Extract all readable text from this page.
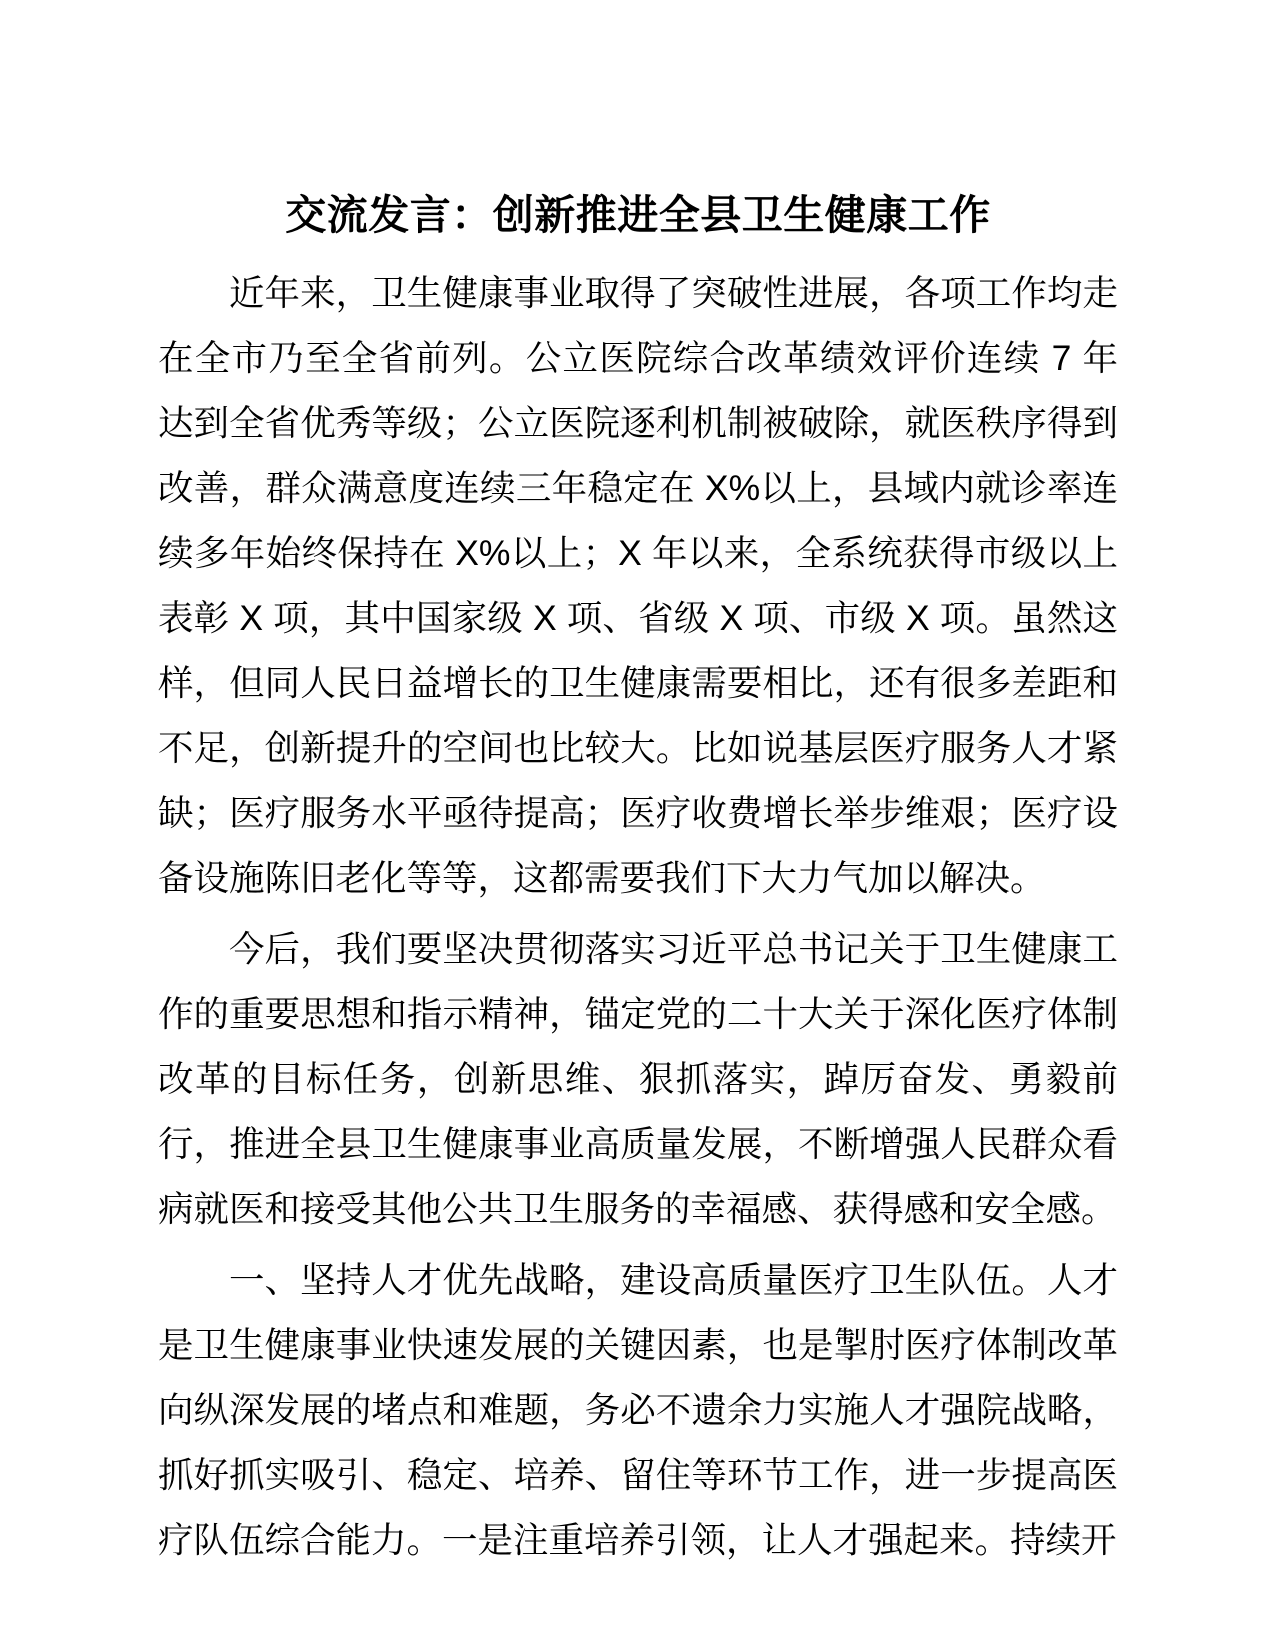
交流发言：创新推进全县卫生健康工作

近年来，卫生健康事业取得了突破性进展，各项工作均走在全市乃至全省前列。公立医院综合改革绩效评价连续 7 年达到全省优秀等级；公立医院逐利机制被破除，就医秩序得到改善，群众满意度连续三年稳定在 X%以上，县域内就诊率连续多年始终保持在 X%以上；X 年以来，全系统获得市级以上表彰 X 项，其中国家级 X 项、省级 X 项、市级 X 项。虽然这样，但同人民日益增长的卫生健康需要相比，还有很多差距和不足，创新提升的空间也比较大。比如说基层医疗服务人才紧缺；医疗服务水平亟待提高；医疗收费增长举步维艰；医疗设备设施陈旧老化等等，这都需要我们下大力气加以解决。

今后，我们要坚决贯彻落实习近平总书记关于卫生健康工作的重要思想和指示精神，锚定党的二十大关于深化医疗体制改革的目标任务，创新思维、狠抓落实，踔厉奋发、勇毅前行，推进全县卫生健康事业高质量发展，不断增强人民群众看病就医和接受其他公共卫生服务的幸福感、获得感和安全感。

一、坚持人才优先战略，建设高质量医疗卫生队伍。人才是卫生健康事业快速发展的关键因素，也是掣肘医疗体制改革向纵深发展的堵点和难题，务必不遗余力实施人才强院战略，抓好抓实吸引、稳定、培养、留住等环节工作，进一步提高医疗队伍综合能力。一是注重培养引领，让人才强起来。持续开
